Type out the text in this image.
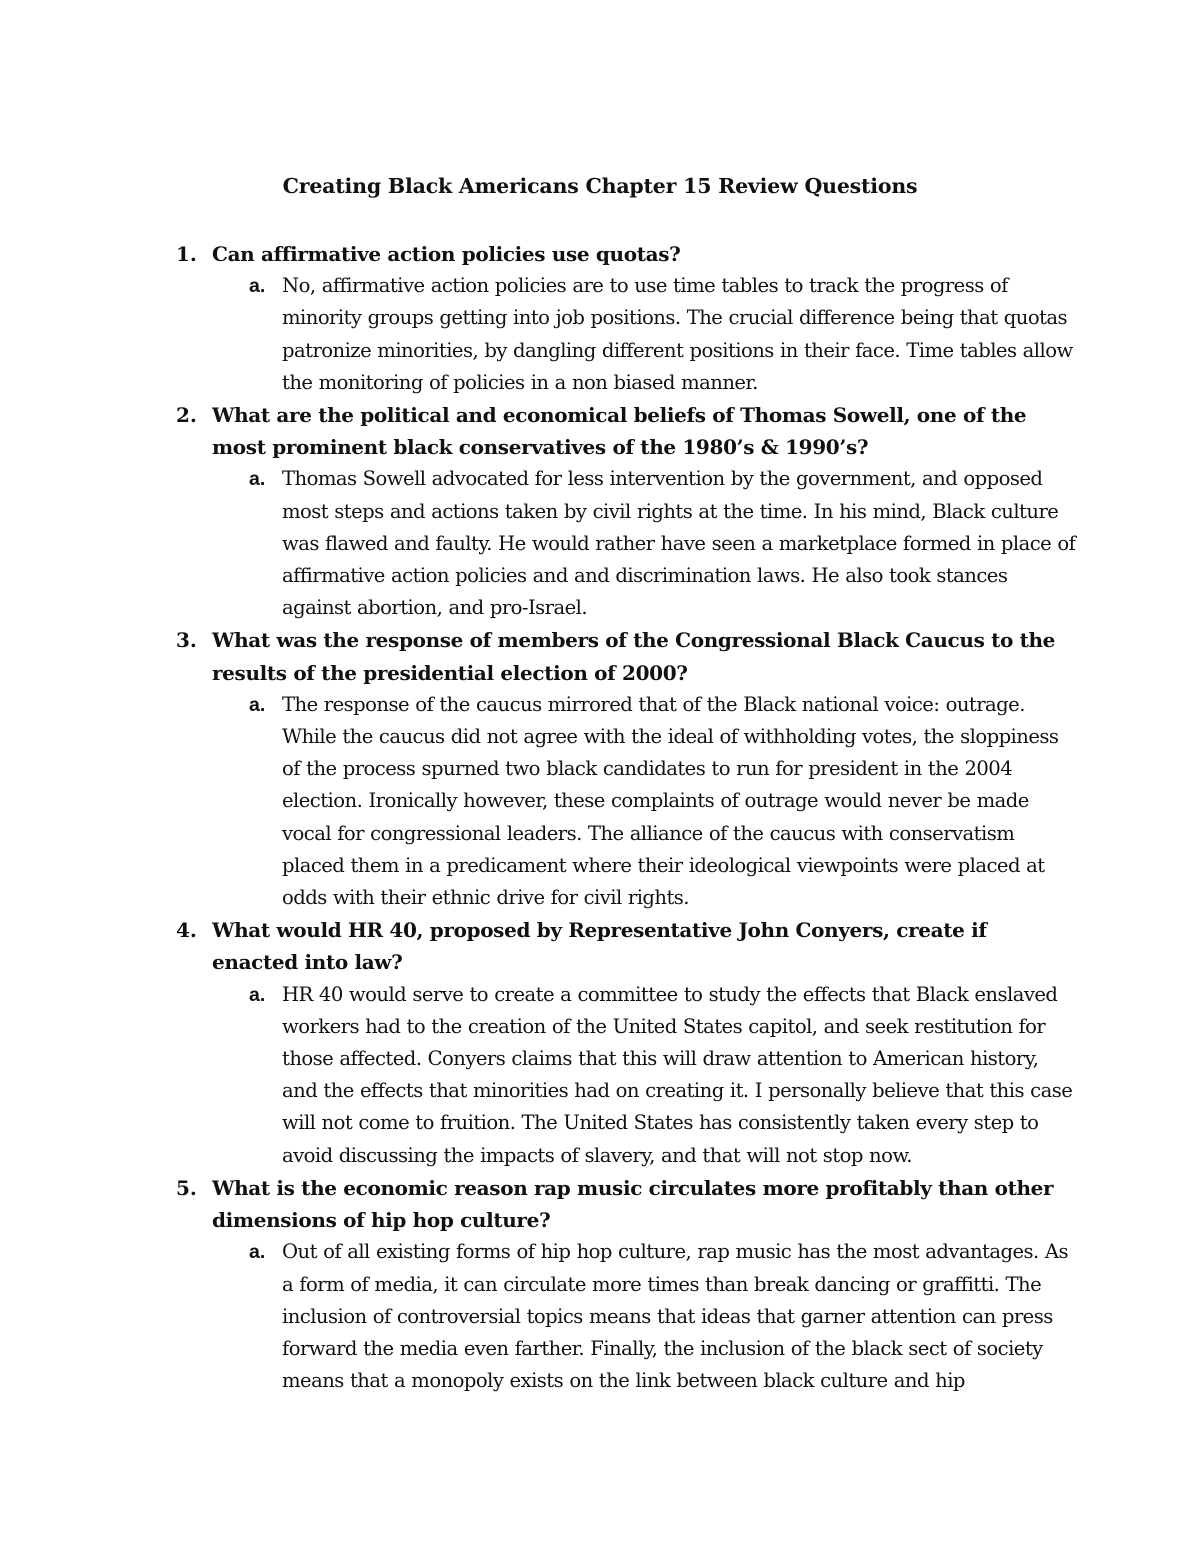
Creating Black Americans Chapter 15 Review Questions
1. Can affirmative action policies use quotas?
a. No, affirmative action policies are to use time tables to track the progress of minority groups getting into job positions. The crucial difference being that quotas patronize minorities, by dangling different positions in their face. Time tables allow the monitoring of policies in a non biased manner.
2. What are the political and economical beliefs of Thomas Sowell, one of the most prominent black conservatives of the 1980’s & 1990’s?
a. Thomas Sowell advocated for less intervention by the government, and opposed most steps and actions taken by civil rights at the time. In his mind, Black culture was flawed and faulty. He would rather have seen a marketplace formed in place of affirmative action policies and and discrimination laws. He also took stances against abortion, and pro-Israel.
3. What was the response of members of the Congressional Black Caucus to the results of the presidential election of 2000?
a. The response of the caucus mirrored that of the Black national voice: outrage. While the caucus did not agree with the ideal of withholding votes, the sloppiness of the process spurned two black candidates to run for president in the 2004 election. Ironically however, these complaints of outrage would never be made vocal for congressional leaders. The alliance of the caucus with conservatism placed them in a predicament where their ideological viewpoints were placed at odds with their ethnic drive for civil rights.
4. What would HR 40, proposed by Representative John Conyers, create if enacted into law?
a. HR 40 would serve to create a committee to study the effects that Black enslaved workers had to the creation of the United States capitol, and seek restitution for those affected. Conyers claims that this will draw attention to American history, and the effects that minorities had on creating it. I personally believe that this case will not come to fruition. The United States has consistently taken every step to avoid discussing the impacts of slavery, and that will not stop now.
5. What is the economic reason rap music circulates more profitably than other dimensions of hip hop culture?
a. Out of all existing forms of hip hop culture, rap music has the most advantages. As a form of media, it can circulate more times than break dancing or graffitti. The inclusion of controversial topics means that ideas that garner attention can press forward the media even farther. Finally, the inclusion of the black sect of society means that a monopoly exists on the link between black culture and hip
